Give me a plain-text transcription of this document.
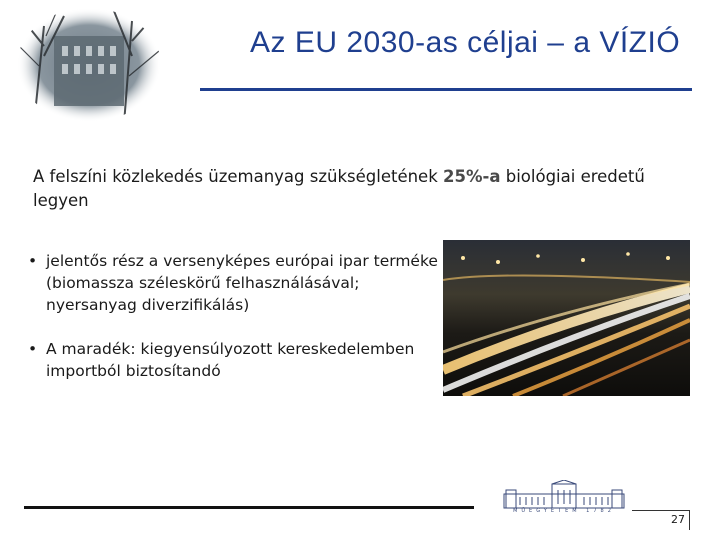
Az EU 2030-as céljai – a VÍZIÓ

A felszíni közlekedés üzemanyag szükségletének 25%-a biológiai eredetű legyen

• jelentős rész a versenyképes európai ipar terméke (biomassza széleskörű felhasználásával; nyersanyag diverzifikálás)
• A maradék: kiegyensúlyozott kereskedelemben importból biztosítandó
MŰEGYETEM 1782
27
